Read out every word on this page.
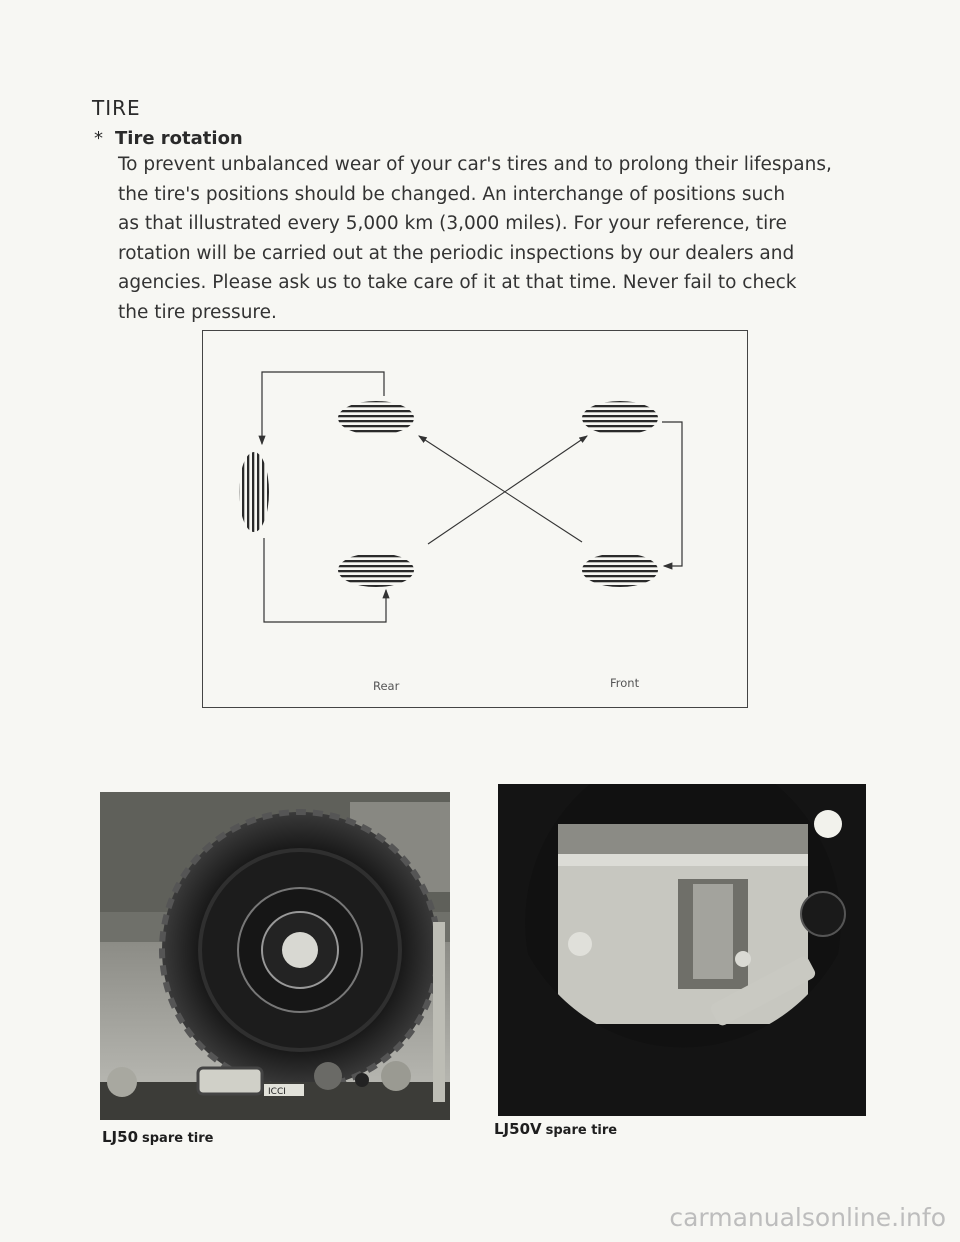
TIRE
* Tire rotation

To prevent unbalanced wear of your car's tires and to prolong their lifespans,
the tire's positions should be changed. An interchange of positions such
as that illustrated every 5,000 km (3,000 miles). For your reference, tire
rotation will be carried out at the periodic inspections by our dealers and
agencies. Please ask us to take care of it at that time. Never fail to check
the tire pressure.

Rear	Front
ICCI
LJ50 spare tire
LJ50V spare tire
carmanualsonline.info
